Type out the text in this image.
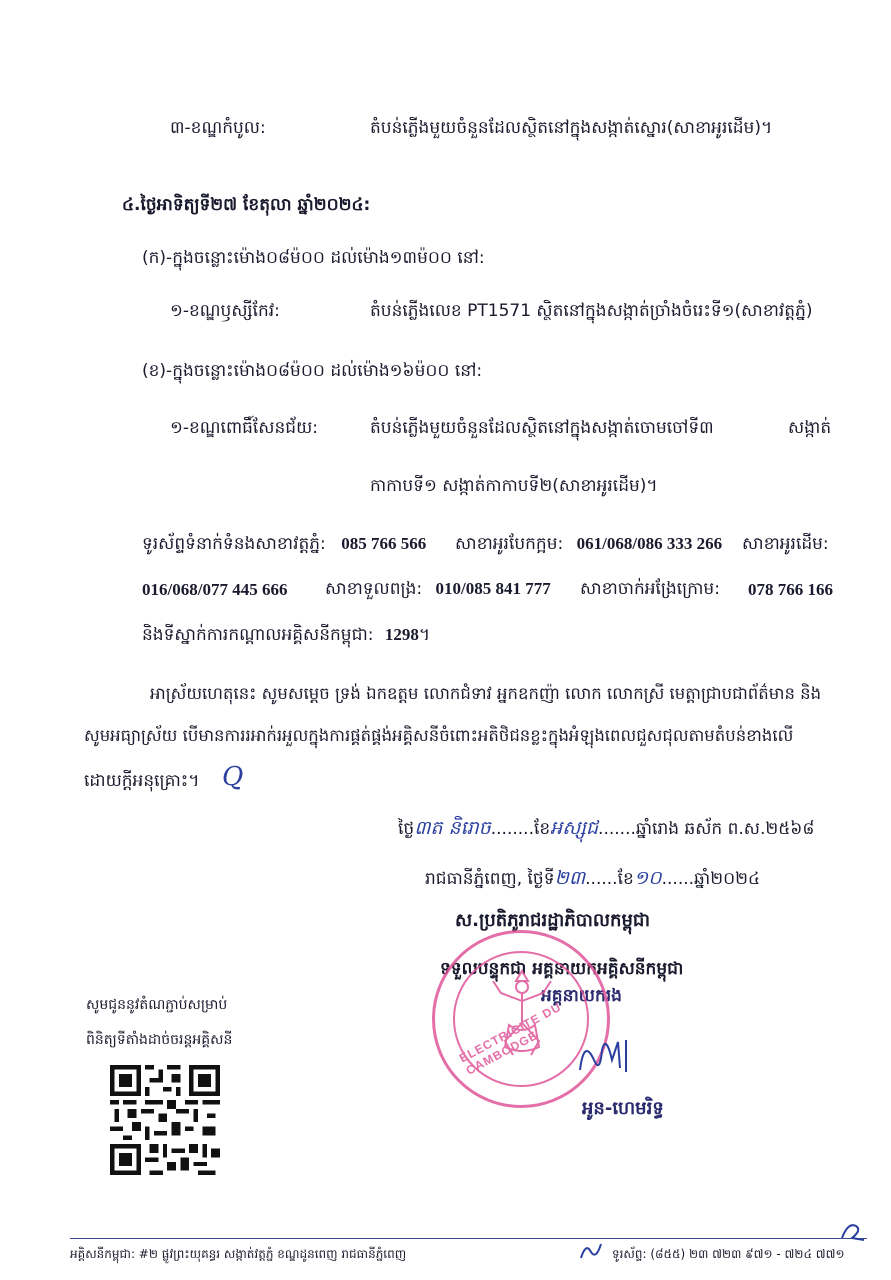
៣-ខណ្ឌកំបូល:	តំបន់ភ្លើងមួយចំនួនដែលស្ថិតនៅក្នុងសង្កាត់ស្នោរ(សាខាអូរដើម)។
៤.ថ្ងៃអាទិត្យទី២៧ ខែតុលា ឆ្នាំ២០២៤:
(ក)-ក្នុងចន្លោះម៉ោង០៨ម៉០០ ដល់ម៉ោង១៣ម៉០០ នៅ:
១-ខណ្ឌឫស្សីកែវ:	តំបន់ភ្លើងលេខ PT1571 ស្ថិតនៅក្នុងសង្កាត់ច្រាំងចំរេះទី១(សាខាវត្តភ្នំ)
(ខ)-ក្នុងចន្លោះម៉ោង០៨ម៉០០ ដល់ម៉ោង១៦ម៉០០ នៅ:
១-ខណ្ឌពោធិ៍សែនជ័យ:	តំបន់ភ្លើងមួយចំនួនដែលស្ថិតនៅក្នុងសង្កាត់ចោមចៅទី៣	សង្កាត់
កាកាបទី១ សង្កាត់កាកាបទី២(សាខាអូរដើម)។
ទូរស័ព្ទទំនាក់ទំនងសាខាវត្តភ្នំ: 085 766 566 សាខាអូរបែកក្អម: 061/068/086 333 266 សាខាអូរដើម:
016/068/077 445 666 សាខាទួលពង្រ: 010/085 841 777 សាខាចាក់អង្រែក្រោម: 078 766 166
និងទីស្នាក់ការកណ្តាលអគ្គិសនីកម្ពុជា: 1298។
អាស្រ័យហេតុនេះ សូមសម្តេច ទ្រង់ ឯកឧត្តម លោកជំទាវ អ្នកឧកញ៉ា លោក លោកស្រី មេត្តាជ្រាបជាព័ត៌មាន និង
សូមអធ្យាស្រ័យ បើមានការរអាក់រអួលក្នុងការផ្គត់ផ្គង់អគ្គិសនីចំពោះអតិថិជនខ្លះក្នុងអំឡុងពេលជួសជុលតាមតំបន់ខាងលើ
ដោយក្តីអនុគ្រោះ។ Q
ថ្ងៃ៣ត និរោច........ខែអស្សុជ.......ឆ្នាំរោង ឆស័ក ព.ស.២៥៦៨
រាជធានីភ្នំពេញ, ថ្ងៃទី២៣......ខែ១០......ឆ្នាំ២០២៤
ស.ប្រតិភូរាជរដ្ឋាភិបាលកម្ពុជា
ទទួលបន្ទុកជា អគ្គនាយកអគ្គិសនីកម្ពុជា
អគ្គនាយករង
ELECTRICITE DU CAMBODGE
អូន-ហេមរិទ្ធ
សូមជូននូវតំណភ្ជាប់សម្រាប់
ពិនិត្យទីតាំងដាច់ចរន្តអគ្គិសនី
អគ្គិសនីកម្ពុជា: #២ ផ្លូវព្រះយុគន្ធរ សង្កាត់វត្តភ្នំ ខណ្ឌដូនពេញ រាជធានីភ្នំពេញ	ទូរស័ព្ទ: (៨៥៥) ២៣ ៧២៣ ៩៧១ - ៧២៤ ៧៧១
